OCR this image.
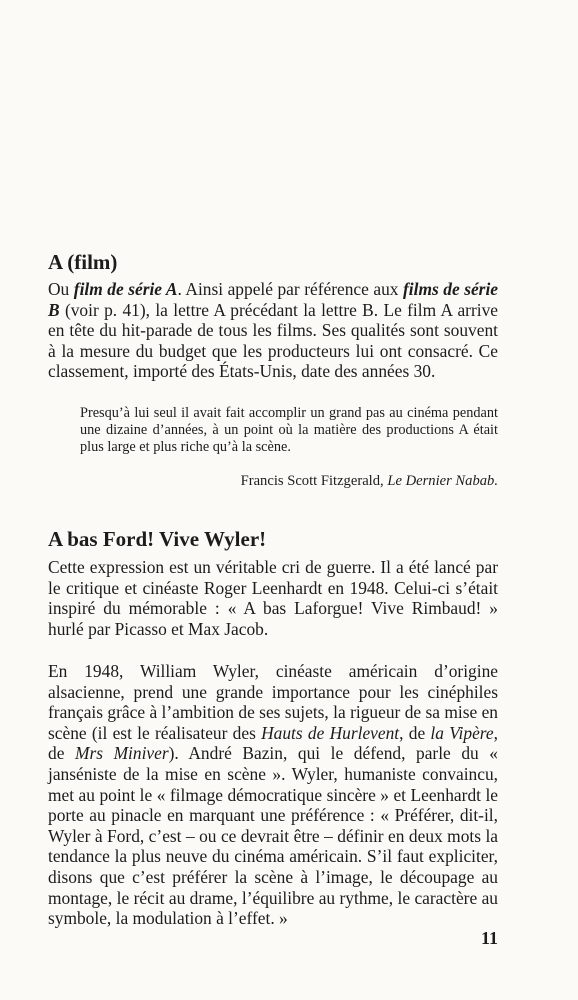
A (film)

Ou film de série A. Ainsi appelé par référence aux films de série B (voir p. 41), la lettre A précédant la lettre B. Le film A arrive en tête du hit-parade de tous les films. Ses qualités sont souvent à la mesure du budget que les producteurs lui ont consacré. Ce classement, importé des États-Unis, date des années 30.

Presqu’à lui seul il avait fait accomplir un grand pas au cinéma pendant une dizaine d’années, à un point où la matière des productions A était plus large et plus riche qu’à la scène.

Francis Scott Fitzgerald, Le Dernier Nabab.

A bas Ford! Vive Wyler!

Cette expression est un véritable cri de guerre. Il a été lancé par le critique et cinéaste Roger Leenhardt en 1948. Celui-ci s’était inspiré du mémorable : « A bas Laforgue! Vive Rimbaud! » hurlé par Picasso et Max Jacob.

En 1948, William Wyler, cinéaste américain d’origine alsacienne, prend une grande importance pour les cinéphiles français grâce à l’ambition de ses sujets, la rigueur de sa mise en scène (il est le réalisateur des Hauts de Hurlevent, de la Vipère, de Mrs Miniver). André Bazin, qui le défend, parle du « janséniste de la mise en scène ». Wyler, humaniste convaincu, met au point le « filmage démocratique sincère » et Leenhardt le porte au pinacle en marquant une préférence : « Préférer, dit-il, Wyler à Ford, c’est – ou ce devrait être – définir en deux mots la tendance la plus neuve du cinéma américain. S’il faut expliciter, disons que c’est préférer la scène à l’image, le découpage au montage, le récit au drame, l’équilibre au rythme, le caractère au symbole, la modulation à l’effet. »

11
